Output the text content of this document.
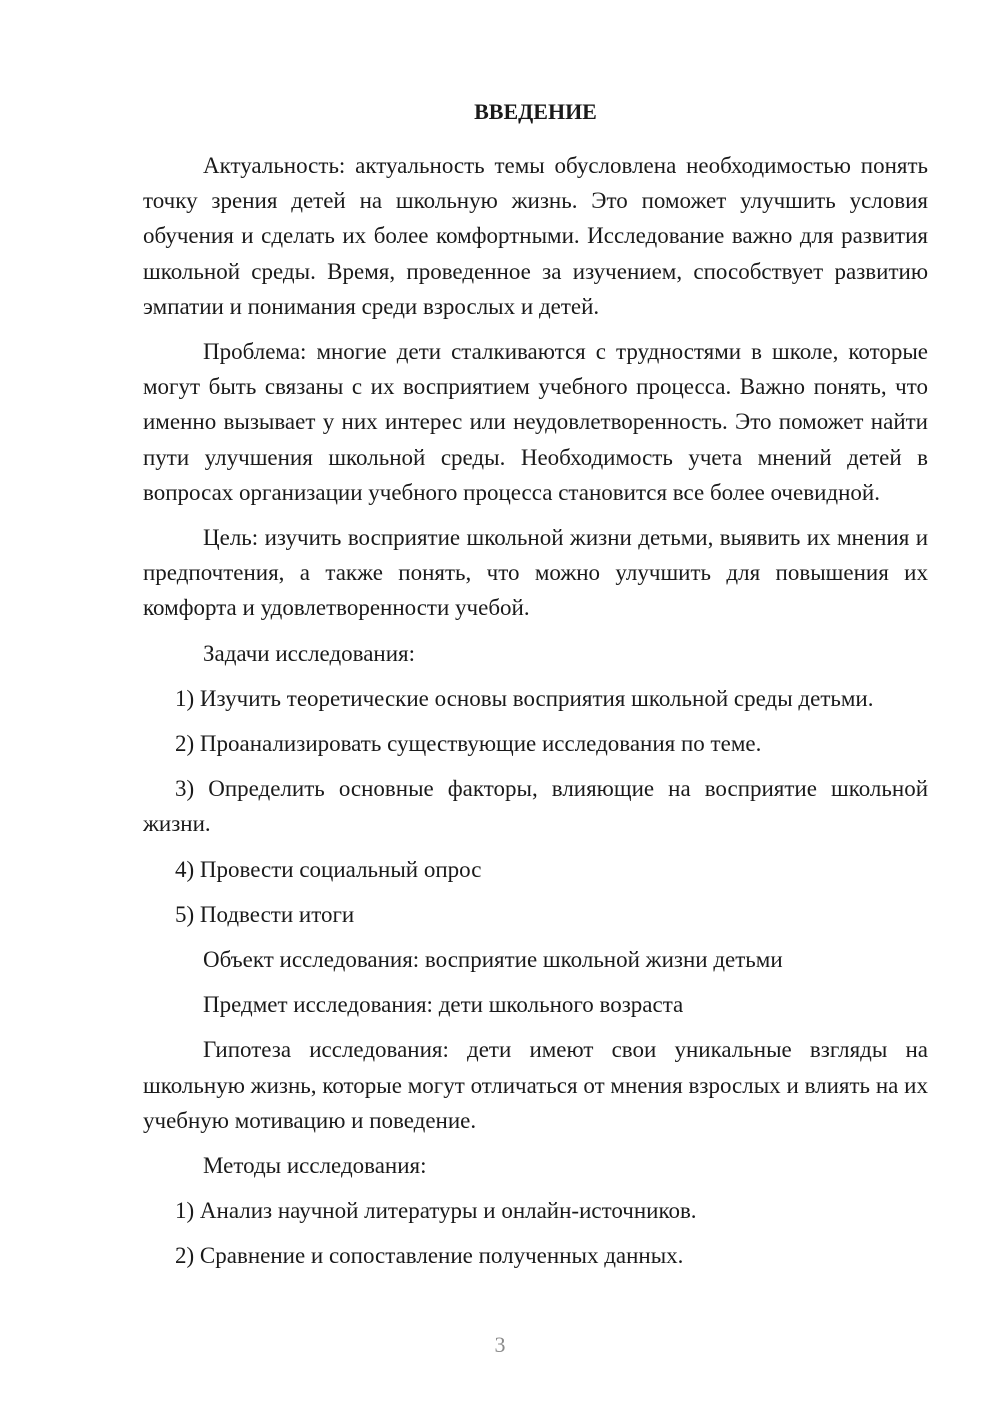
ВВЕДЕНИЕ

Актуальность: актуальность темы обусловлена необходимостью понять точку зрения детей на школьную жизнь. Это поможет улучшить условия обучения и сделать их более комфортными. Исследование важно для развития школьной среды. Время, проведенное за изучением, способствует развитию эмпатии и понимания среди взрослых и детей.

Проблема: многие дети сталкиваются с трудностями в школе, которые могут быть связаны с их восприятием учебного процесса. Важно понять, что именно вызывает у них интерес или неудовлетворенность. Это поможет найти пути улучшения школьной среды. Необходимость учета мнений детей в вопросах организации учебного процесса становится все более очевидной.

Цель: изучить восприятие школьной жизни детьми, выявить их мнения и предпочтения, а также понять, что можно улучшить для повышения их комфорта и удовлетворенности учебой.

Задачи исследования:

1) Изучить теоретические основы восприятия школьной среды детьми.

2) Проанализировать существующие исследования по теме.

3) Определить основные факторы, влияющие на восприятие школьной жизни.

4) Провести социальный опрос

5) Подвести итоги

Объект исследования: восприятие школьной жизни детьми

Предмет исследования: дети школьного возраста

Гипотеза исследования: дети имеют свои уникальные взгляды на школьную жизнь, которые могут отличаться от мнения взрослых и влиять на их учебную мотивацию и поведение.

Методы исследования:

1) Анализ научной литературы и онлайн-источников.

2) Сравнение и сопоставление полученных данных.

3
